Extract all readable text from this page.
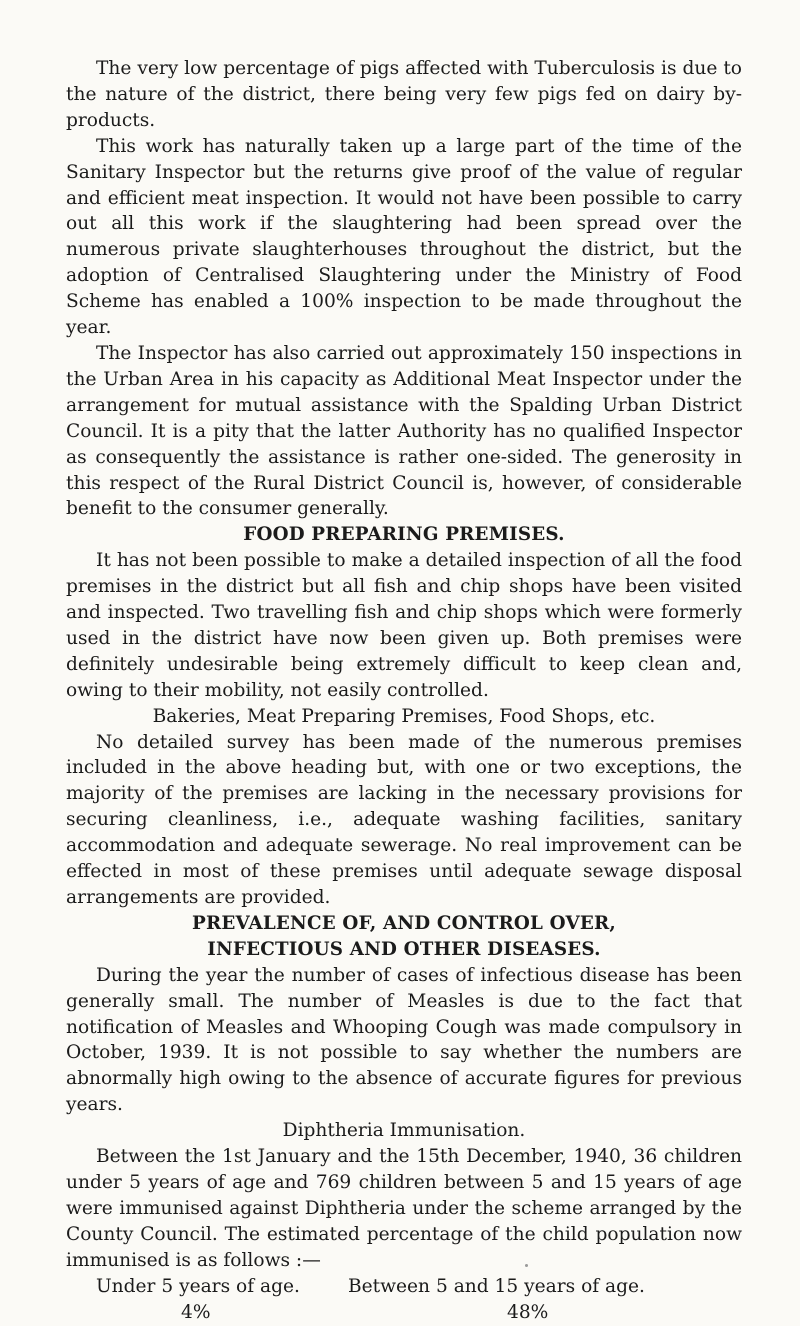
The very low percentage of pigs affected with Tuberculosis is due to the nature of the district, there being very few pigs fed on dairy by-products.

This work has naturally taken up a large part of the time of the Sanitary Inspector but the returns give proof of the value of regular and efficient meat inspection. It would not have been possible to carry out all this work if the slaughtering had been spread over the numerous private slaughterhouses throughout the district, but the adoption of Centralised Slaughtering under the Ministry of Food Scheme has enabled a 100% inspection to be made throughout the year.

The Inspector has also carried out approximately 150 inspections in the Urban Area in his capacity as Additional Meat Inspector under the arrangement for mutual assistance with the Spalding Urban District Council. It is a pity that the latter Authority has no qualified Inspector as consequently the assistance is rather one-sided. The generosity in this respect of the Rural District Council is, however, of considerable benefit to the consumer generally.

FOOD PREPARING PREMISES.

It has not been possible to make a detailed inspection of all the food premises in the district but all fish and chip shops have been visited and inspected. Two travelling fish and chip shops which were formerly used in the district have now been given up. Both premises were definitely undesirable being extremely difficult to keep clean and, owing to their mobility, not easily controlled.

Bakeries, Meat Preparing Premises, Food Shops, etc.

No detailed survey has been made of the numerous premises included in the above heading but, with one or two exceptions, the majority of the premises are lacking in the necessary provisions for securing cleanliness, i.e., adequate washing facilities, sanitary accommodation and adequate sewerage. No real improvement can be effected in most of these premises until adequate sewage disposal arrangements are provided.

PREVALENCE OF, AND CONTROL OVER,

INFECTIOUS AND OTHER DISEASES.

During the year the number of cases of infectious disease has been generally small. The number of Measles is due to the fact that notification of Measles and Whooping Cough was made compulsory in October, 1939. It is not possible to say whether the numbers are abnormally high owing to the absence of accurate figures for previous years.

Diphtheria Immunisation.

Between the 1st January and the 15th December, 1940, 36 children under 5 years of age and 769 children between 5 and 15 years of age were immunised against Diphtheria under the scheme arranged by the County Council. The estimated percentage of the child population now immunised is as follows :—

Under 5 years of age.	Between 5 and 15 years of age.
4%	48%
